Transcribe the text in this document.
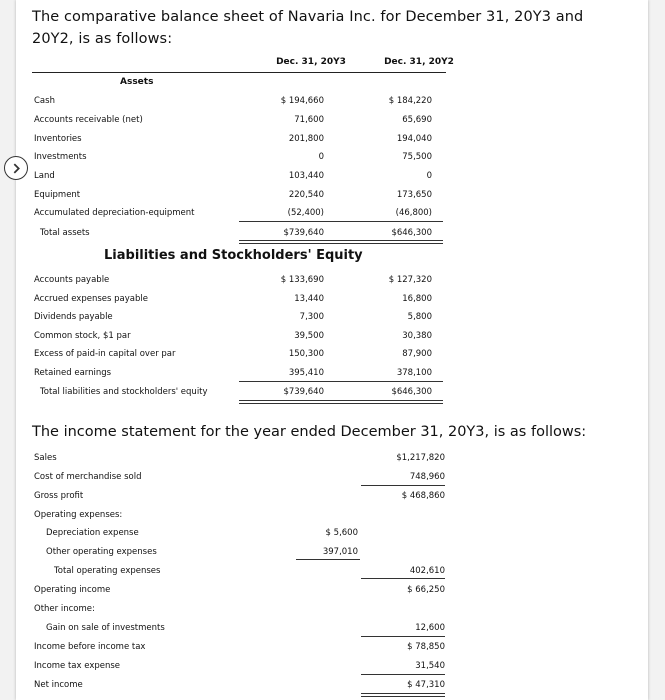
The comparative balance sheet of Navaria Inc. for December 31, 20Y3 and 20Y2, is as follows:
Dec. 31, 20Y3	Dec. 31, 20Y2
Assets
Cash	$ 194,660	$ 184,220
Accounts receivable (net)	71,600	65,690
Inventories	201,800	194,040
Investments	0	75,500
Land	103,440	0
Equipment	220,540	173,650
Accumulated depreciation-equipment	(52,400)	(46,800)
Total assets	$739,640	$646,300
Liabilities and Stockholders' Equity
Accounts payable	$ 133,690	$ 127,320
Accrued expenses payable	13,440	16,800
Dividends payable	7,300	5,800
Common stock, $1 par	39,500	30,380
Excess of paid-in capital over par	150,300	87,900
Retained earnings	395,410	378,100
Total liabilities and stockholders' equity	$739,640	$646,300
The income statement for the year ended December 31, 20Y3, is as follows:
Sales	$1,217,820
Cost of merchandise sold	748,960
Gross profit	$ 468,860
Operating expenses:
Depreciation expense	$ 5,600
Other operating expenses	397,010
Total operating expenses	402,610
Operating income	$ 66,250
Other income:
Gain on sale of investments	12,600
Income before income tax	$ 78,850
Income tax expense	31,540
Net income	$ 47,310
